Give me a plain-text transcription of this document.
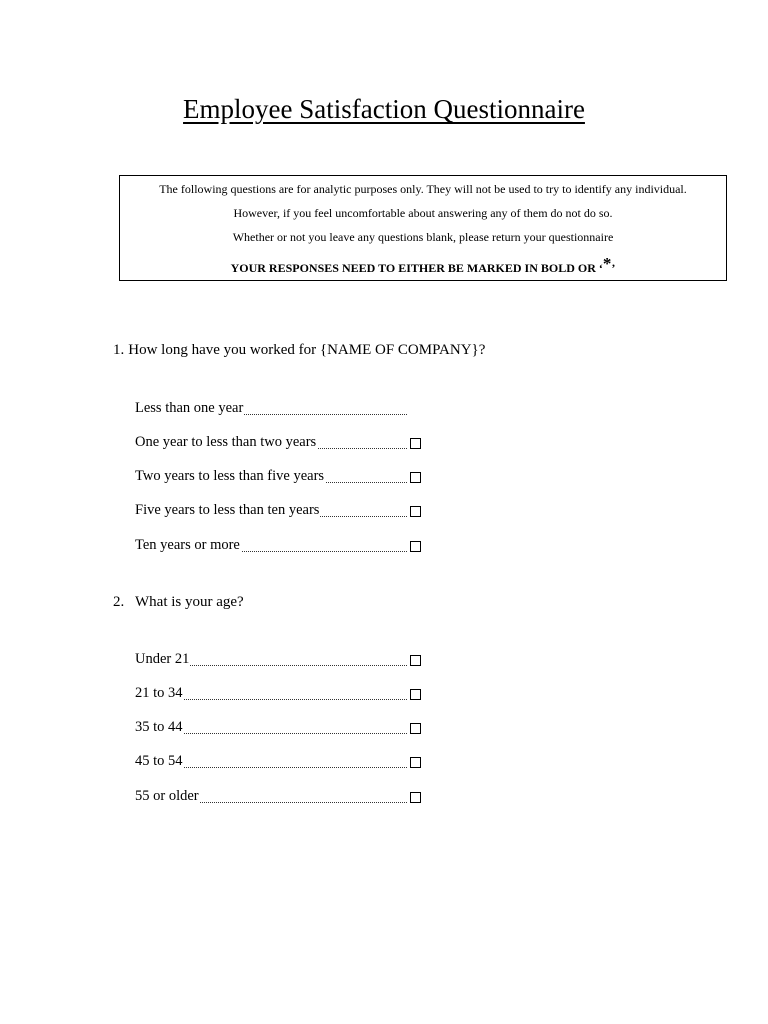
Employee Satisfaction Questionnaire
The following questions are for analytic purposes only. They will not be used to try to identify any individual.
However, if you feel uncomfortable about answering any of them do not do so.
Whether or not you leave any questions blank, please return your questionnaire
YOUR RESPONSES NEED TO EITHER BE MARKED IN BOLD OR ‘*’
1. How long have you worked for {NAME OF COMPANY}?
Less than one year
One year to less than two years
Two years to less than five years
Five years to less than ten years
Ten years or more
2. What is your age?
Under 21
21 to 34
35 to 44
45 to 54
55 or older
